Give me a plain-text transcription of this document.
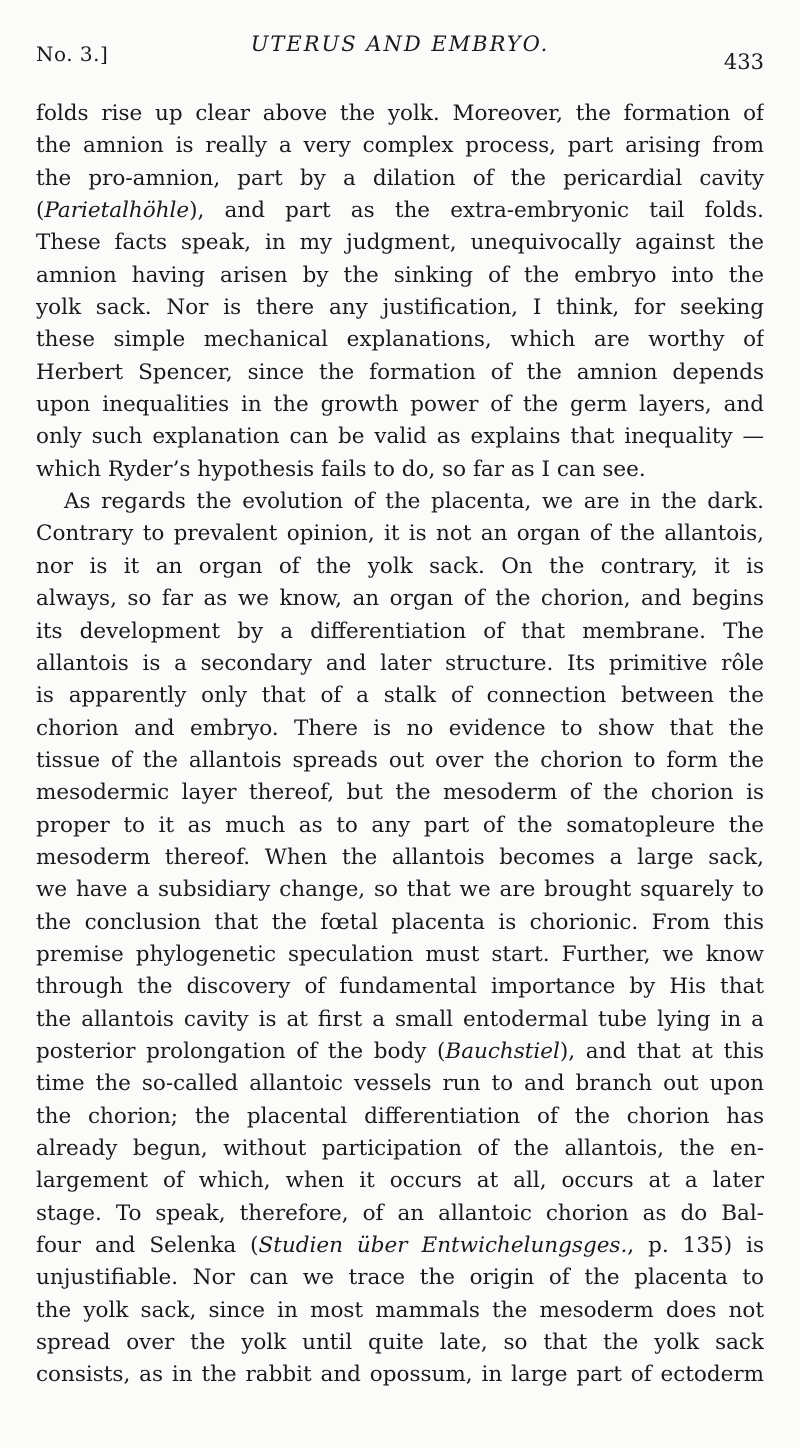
No. 3.]	UTERUS AND EMBRYO.
433
folds rise up clear above the yolk. Moreover, the formation of
the amnion is really a very complex process, part arising from
the pro-amnion, part by a dilation of the pericardial cavity
(Parietalhöhle), and part as the extra-embryonic tail folds.
These facts speak, in my judgment, unequivocally against the
amnion having arisen by the sinking of the embryo into the
yolk sack. Nor is there any justification, I think, for seeking
these simple mechanical explanations, which are worthy of
Herbert Spencer, since the formation of the amnion depends
upon inequalities in the growth power of the germ layers, and
only such explanation can be valid as explains that inequality —
which Ryder’s hypothesis fails to do, so far as I can see.
As regards the evolution of the placenta, we are in the dark.
Contrary to prevalent opinion, it is not an organ of the allantois,
nor is it an organ of the yolk sack. On the contrary, it is
always, so far as we know, an organ of the chorion, and begins
its development by a differentiation of that membrane. The
allantois is a secondary and later structure. Its primitive rôle
is apparently only that of a stalk of connection between the
chorion and embryo. There is no evidence to show that the
tissue of the allantois spreads out over the chorion to form the
mesodermic layer thereof, but the mesoderm of the chorion is
proper to it as much as to any part of the somatopleure the
mesoderm thereof. When the allantois becomes a large sack,
we have a subsidiary change, so that we are brought squarely to
the conclusion that the fœtal placenta is chorionic. From this
premise phylogenetic speculation must start. Further, we know
through the discovery of fundamental importance by His that
the allantois cavity is at first a small entodermal tube lying in a
posterior prolongation of the body (Bauchstiel), and that at this
time the so-called allantoic vessels run to and branch out upon
the chorion; the placental differentiation of the chorion has
already begun, without participation of the allantois, the en-
largement of which, when it occurs at all, occurs at a later
stage. To speak, therefore, of an allantoic chorion as do Bal-
four and Selenka (Studien über Entwichelungsges., p. 135) is
unjustifiable. Nor can we trace the origin of the placenta to
the yolk sack, since in most mammals the mesoderm does not
spread over the yolk until quite late, so that the yolk sack
consists, as in the rabbit and opossum, in large part of ectoderm
